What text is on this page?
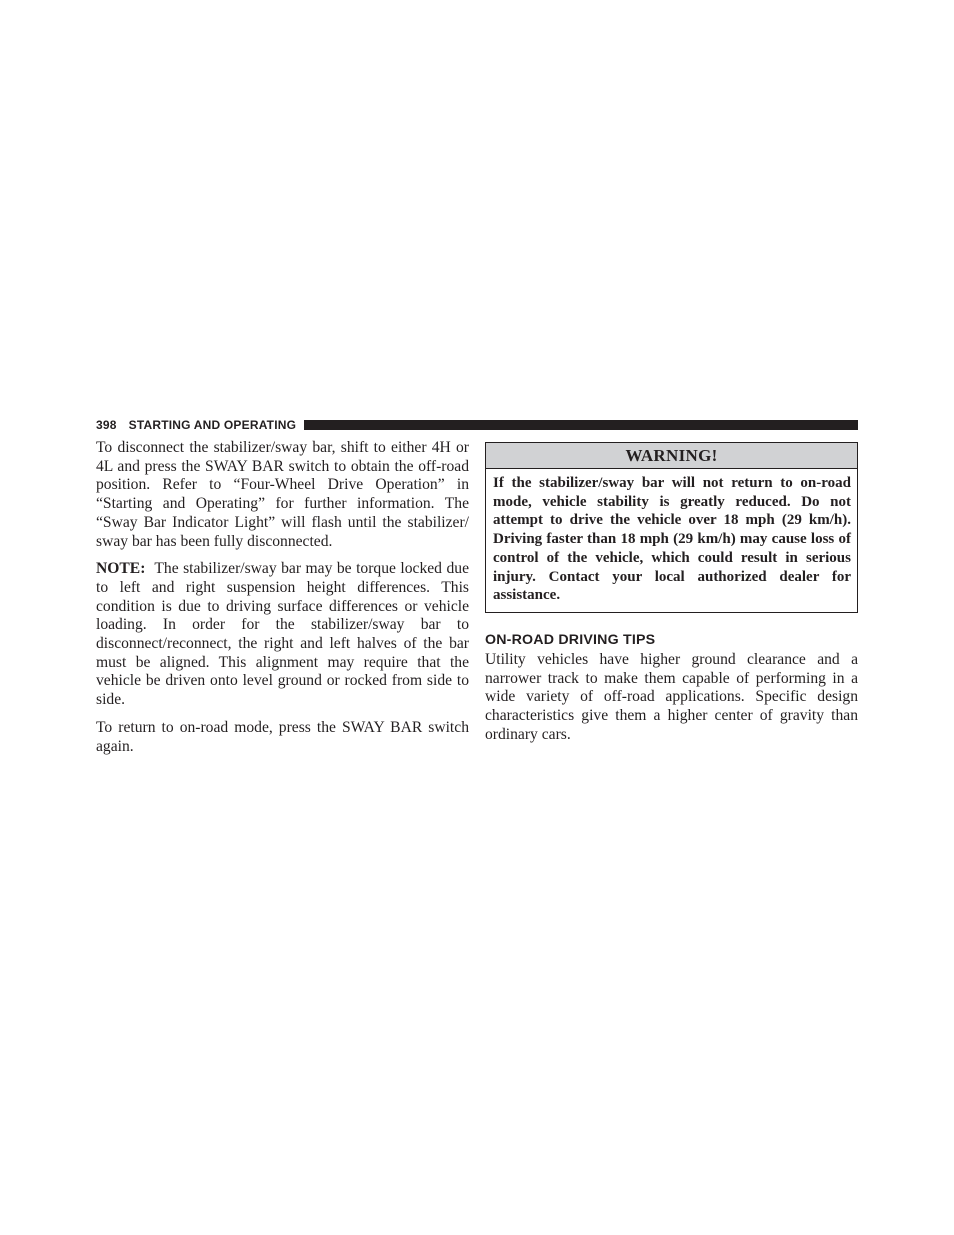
398 STARTING AND OPERATING

To disconnect the stabilizer/sway bar, shift to either 4H or 4L and press the SWAY BAR switch to obtain the off-road position. Refer to “Four-Wheel Drive Operation” in “Starting and Operating” for further information. The “Sway Bar Indicator Light” will flash until the stabilizer/ sway bar has been fully disconnected.

NOTE: The stabilizer/sway bar may be torque locked due to left and right suspension height differences. This condition is due to driving surface differences or vehicle loading. In order for the stabilizer/sway bar to disconnect/reconnect, the right and left halves of the bar must be aligned. This alignment may require that the vehicle be driven onto level ground or rocked from side to side.

To return to on-road mode, press the SWAY BAR switch again.

WARNING!
If the stabilizer/sway bar will not return to on-road mode, vehicle stability is greatly reduced. Do not attempt to drive the vehicle over 18 mph (29 km/h). Driving faster than 18 mph (29 km/h) may cause loss of control of the vehicle, which could result in serious injury. Contact your local authorized dealer for assistance.
ON-ROAD DRIVING TIPS

Utility vehicles have higher ground clearance and a narrower track to make them capable of performing in a wide variety of off-road applications. Specific design characteristics give them a higher center of gravity than ordinary cars.
